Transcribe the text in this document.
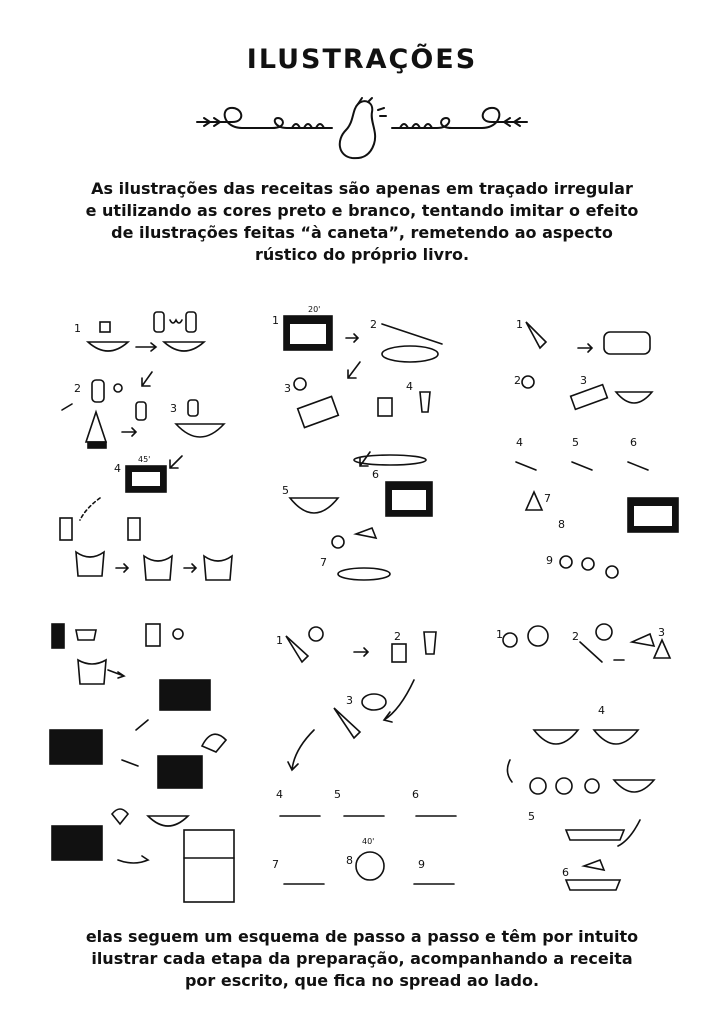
ILUSTRAÇÕES

As ilustrações das receitas são apenas em traçado irregular e utilizando as cores preto e branco, tentando imitar o efeito de ilustrações feitas “à caneta”, remetendo ao aspecto rústico do próprio livro.

1
2
3
4
45'
1
20'
2
3	4
5
6
7
1
2	3
4	5	6
7
8
9
1	2
3
4	5	6
7	8
40'
9
1	2	3
4
5
6

elas seguem um esquema de passo a passo e têm por intuito ilustrar cada etapa da preparação, acompanhando a receita por escrito, que fica no spread ao lado.
